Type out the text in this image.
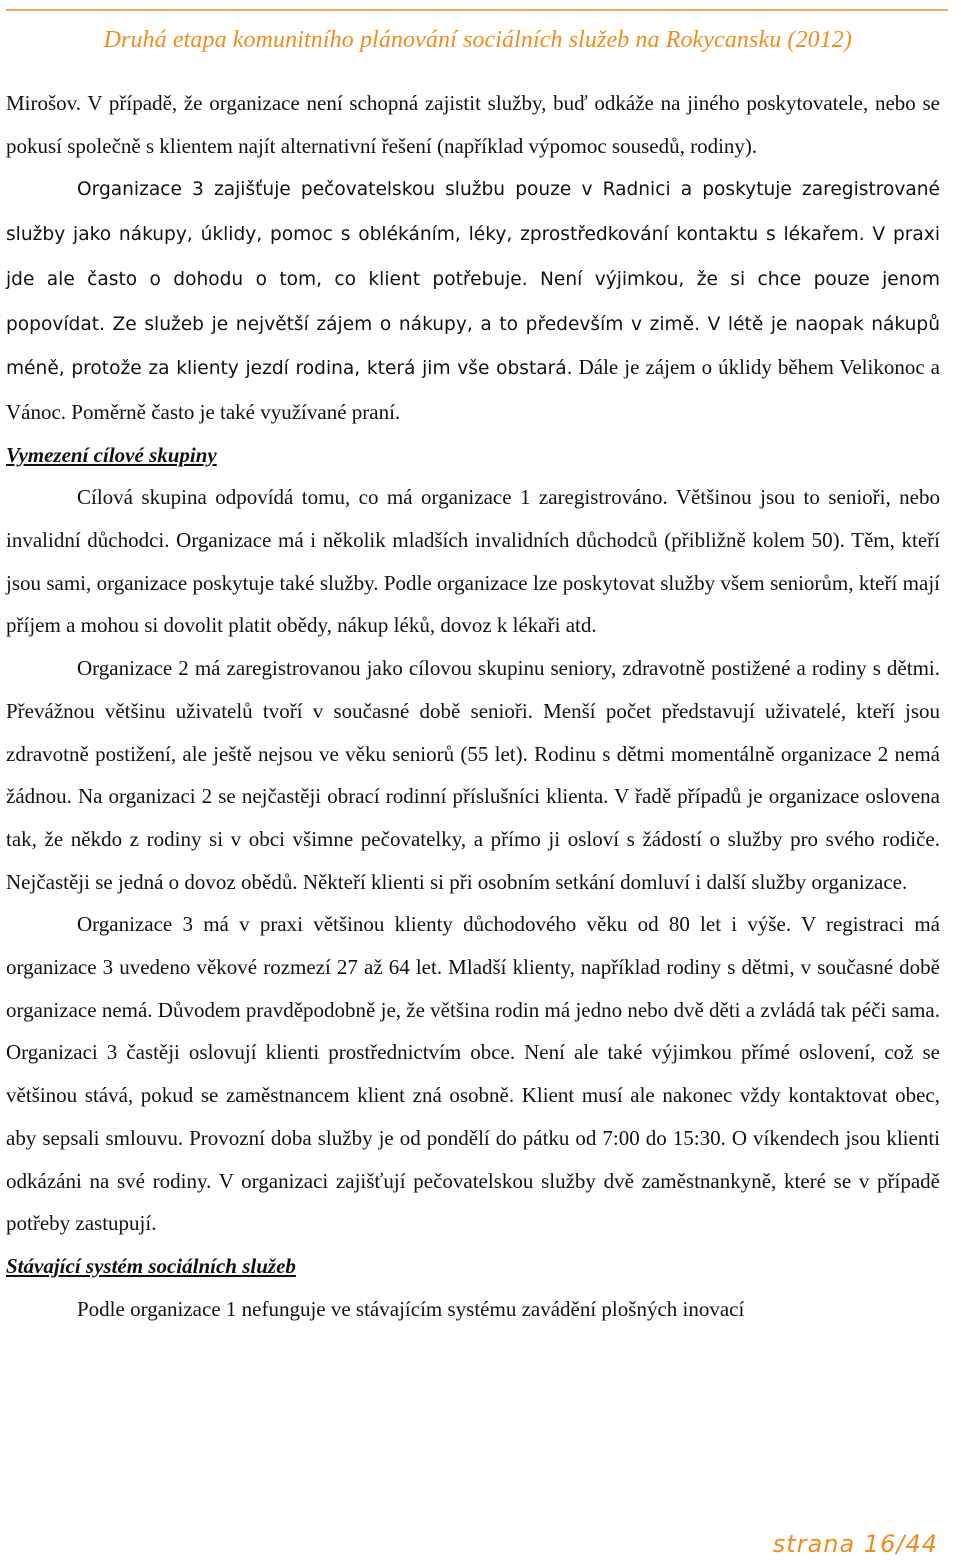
Druhá etapa komunitního plánování sociálních služeb na Rokycansku (2012)

Mirošov. V případě, že organizace není schopná zajistit služby, buď odkáže na jiného poskytovatele, nebo se pokusí společně s klientem najít alternativní řešení (například výpomoc sousedů, rodiny).

Organizace 3 zajišťuje pečovatelskou službu pouze v Radnici a poskytuje zaregistrované služby jako nákupy, úklidy, pomoc s oblékáním, léky, zprostředkování kontaktu s lékařem. V praxi jde ale často o dohodu o tom, co klient potřebuje. Není výjimkou, že si chce pouze jenom popovídat. Ze služeb je největší zájem o nákupy, a to především v zimě. V létě je naopak nákupů méně, protože za klienty jezdí rodina, která jim vše obstará. Dále je zájem o úklidy během Velikonoc a Vánoc. Poměrně často je také využívané praní.

Vymezení cílové skupiny

Cílová skupina odpovídá tomu, co má organizace 1 zaregistrováno. Většinou jsou to senioři, nebo invalidní důchodci. Organizace má i několik mladších invalidních důchodců (přibližně kolem 50). Těm, kteří jsou sami, organizace poskytuje také služby. Podle organizace lze poskytovat služby všem seniorům, kteří mají příjem a mohou si dovolit platit obědy, nákup léků, dovoz k lékaři atd.

Organizace 2 má zaregistrovanou jako cílovou skupinu seniory, zdravotně postižené a rodiny s dětmi. Převážnou většinu uživatelů tvoří v současné době senioři. Menší počet představují uživatelé, kteří jsou zdravotně postižení, ale ještě nejsou ve věku seniorů (55 let). Rodinu s dětmi momentálně organizace 2 nemá žádnou. Na organizaci 2 se nejčastěji obrací rodinní příslušníci klienta. V řadě případů je organizace oslovena tak, že někdo z rodiny si v obci všimne pečovatelky, a přímo ji osloví s žádostí o služby pro svého rodiče. Nejčastěji se jedná o dovoz obědů. Někteří klienti si při osobním setkání domluví i další služby organizace.

Organizace 3 má v praxi většinou klienty důchodového věku od 80 let i výše. V registraci má organizace 3 uvedeno věkové rozmezí 27 až 64 let. Mladší klienty, například rodiny s dětmi, v současné době organizace nemá. Důvodem pravděpodobně je, že většina rodin má jedno nebo dvě děti a zvládá tak péči sama. Organizaci 3 častěji oslovují klienti prostřednictvím obce. Není ale také výjimkou přímé oslovení, což se většinou stává, pokud se zaměstnancem klient zná osobně. Klient musí ale nakonec vždy kontaktovat obec, aby sepsali smlouvu. Provozní doba služby je od pondělí do pátku od 7:00 do 15:30. O víkendech jsou klienti odkázáni na své rodiny. V organizaci zajišťují pečovatelskou služby dvě zaměstnankyně, které se v případě potřeby zastupují.

Stávající systém sociálních služeb

Podle organizace 1 nefunguje ve stávajícím systému zavádění plošných inovací

strana 16/44
